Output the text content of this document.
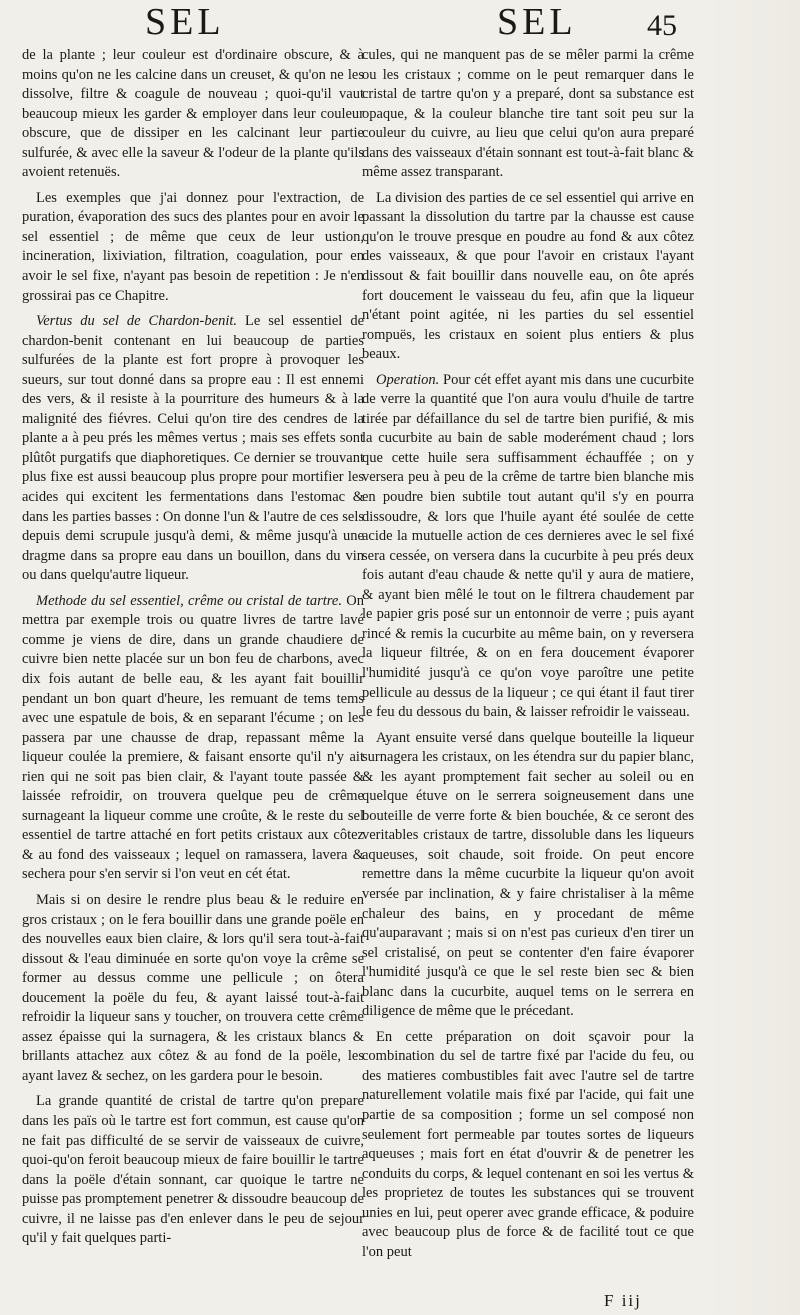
SEL	SEL 45

de la plante ; leur couleur est d'ordinaire obscure, & à moins qu'on ne les calcine dans un creuset, & qu'on ne les dissolve, filtre & coagule de nouveau ; quoi-qu'il vaut beaucoup mieux les garder & employer dans leur couleur obscure, que de dissiper en les calcinant leur partie sulfurée, & avec elle la saveur & l'odeur de la plante qu'ils avoient retenuës.

Les exemples que j'ai donnez pour l'extraction, de puration, évaporation des sucs des plantes pour en avoir le sel essentiel ; de même que ceux de leur ustion, incineration, lixiviation, filtration, coagulation, pour en avoir le sel fixe, n'ayant pas besoin de repetition : Je n'en grossirai pas ce Chapitre.

Vertus du sel de Chardon-benit. Le sel essentiel de chardon-benit contenant en lui beaucoup de parties sulfurées de la plante est fort propre à provoquer les sueurs, sur tout donné dans sa propre eau : Il est ennemi des vers, & il resiste à la pourriture des humeurs & à la malignité des fiévres. Celui qu'on tire des cendres de la plante a à peu prés les mêmes vertus ; mais ses effets sont plûtôt purgatifs que diaphoretiques. Ce dernier se trouvant plus fixe est aussi beaucoup plus propre pour mortifier les acides qui excitent les fermentations dans l'estomac & dans les parties basses : On donne l'un & l'autre de ces sels depuis demi scrupule jusqu'à demi, & même jusqu'à une dragme dans sa propre eau dans un bouillon, dans du vin ou dans quelqu'autre liqueur.

Methode du sel essentiel, crême ou cristal de tartre. On mettra par exemple trois ou quatre livres de tartre lavé comme je viens de dire, dans un grande chaudiere de cuivre bien nette placée sur un bon feu de charbons, avec dix fois autant de belle eau, & les ayant fait bouillir pendant un bon quart d'heure, les remuant de tems tems avec une espatule de bois, & en separant l'écume ; on les passera par une chausse de drap, repassant même la liqueur coulée la premiere, & faisant ensorte qu'il n'y ait rien qui ne soit pas bien clair, & l'ayant toute passée & laissée refroidir, on trouvera quelque peu de crême surnageant la liqueur comme une croûte, & le reste du sel essentiel de tartre attaché en fort petits cristaux aux côtez & au fond des vaisseaux ; lequel on ramassera, lavera & sechera pour s'en servir si l'on veut en cét état.

Mais si on desire le rendre plus beau & le reduire en gros cristaux ; on le fera bouillir dans une grande poële en des nouvelles eaux bien claire, & lors qu'il sera tout-à-fait dissout & l'eau diminuée en sorte qu'on voye la crême se former au dessus comme une pellicule ; on ôtera doucement la poële du feu, & ayant laissé tout-à-fait refroidir la liqueur sans y toucher, on trouvera cette crême assez épaisse qui la surnagera, & les cristaux blancs & brillants attachez aux côtez & au fond de la poële, les ayant lavez & sechez, on les gardera pour le besoin.

La grande quantité de cristal de tartre qu'on prepare dans les païs où le tartre est fort commun, est cause qu'on ne fait pas difficulté de se servir de vaisseaux de cuivre, quoi-qu'on feroit beaucoup mieux de faire bouillir le tartre dans la poële d'étain sonnant, car quoique le tartre ne puisse pas promptement penetrer & dissoudre beaucoup de cuivre, il ne laisse pas d'en enlever dans le peu de sejour qu'il y fait quelques parti-

cules, qui ne manquent pas de se mêler parmi la crême ou les cristaux ; comme on le peut remarquer dans le cristal de tartre qu'on y a preparé, dont sa substance est opaque, & la couleur blanche tire tant soit peu sur la couleur du cuivre, au lieu que celui qu'on aura preparé dans des vaisseaux d'étain sonnant est tout-à-fait blanc & même assez transparant.

La division des parties de ce sel essentiel qui arrive en passant la dissolution du tartre par la chausse est cause qu'on le trouve presque en poudre au fond & aux côtez des vaisseaux, & que pour l'avoir en cristaux l'ayant dissout & fait bouillir dans nouvelle eau, on ôte aprés fort doucement le vaisseau du feu, afin que la liqueur n'étant point agitée, ni les parties du sel essentiel rompuës, les cristaux en soient plus entiers & plus beaux.

Operation. Pour cét effet ayant mis dans une cucurbite de verre la quantité que l'on aura voulu d'huile de tartre tirée par défaillance du sel de tartre bien purifié, & mis la cucurbite au bain de sable moderément chaud ; lors que cette huile sera suffisamment échauffée ; on y versera peu à peu de la crême de tartre bien blanche mis en poudre bien subtile tout autant qu'il s'y en pourra dissoudre, & lors que l'huile ayant été soulée de cette acide la mutuelle action de ces dernieres avec le sel fixé sera cessée, on versera dans la cucurbite à peu prés deux fois autant d'eau chaude & nette qu'il y aura de matiere, & ayant bien mêlé le tout on le filtrera chaudement par le papier gris posé sur un entonnoir de verre ; puis ayant rincé & remis la cucurbite au même bain, on y reversera la liqueur filtrée, & on en fera doucement évaporer l'humidité jusqu'à ce qu'on voye paroître une petite pellicule au dessus de la liqueur ; ce qui étant il faut tirer le feu du dessous du bain, & laisser refroidir le vaisseau.

Ayant ensuite versé dans quelque bouteille la liqueur surnagera les cristaux, on les étendra sur du papier blanc, & les ayant promptement fait secher au soleil ou en quelque étuve on le serrera soigneusement dans une bouteille de verre forte & bien bouchée, & ce seront des veritables cristaux de tartre, dissoluble dans les liqueurs aqueuses, soit chaude, soit froide. On peut encore remettre dans la même cucurbite la liqueur qu'on avoit versée par inclination, & y faire christaliser à la même chaleur des bains, en y procedant de même qu'auparavant ; mais si on n'est pas curieux d'en tirer un sel cristalisé, on peut se contenter d'en faire évaporer l'humidité jusqu'à ce que le sel reste bien sec & bien blanc dans la cucurbite, auquel tems on le serrera en diligence de même que le précedant.

En cette préparation on doit sçavoir pour la combination du sel de tartre fixé par l'acide du feu, ou des matieres combustibles fait avec l'autre sel de tartre naturellement volatile mais fixé par l'acide, qui fait une partie de sa composition ; forme un sel composé non seulement fort permeable par toutes sortes de liqueurs aqueuses ; mais fort en état d'ouvrir & de penetrer les conduits du corps, & lequel contenant en soi les vertus & les proprietez de toutes les substances qui se trouvent unies en lui, peut operer avec grande efficace, & poduire avec beaucoup plus de force & de facilité tout ce que l'on peut

F iij
